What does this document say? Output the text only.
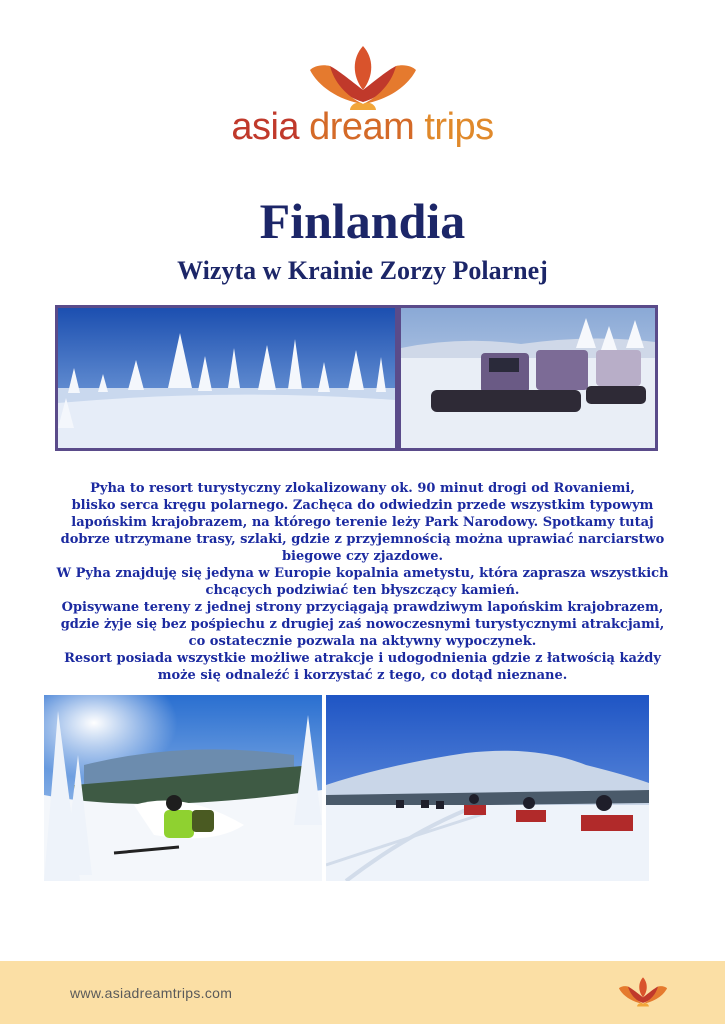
asia dream trips
Finlandia
Wizyta w Krainie Zorzy Polarnej

Pyha to resort turystyczny zlokalizowany ok. 90 minut drogi od Rovaniemi,

blisko serca kręgu polarnego. Zachęca do odwiedzin przede wszystkim typowym

lapońskim krajobrazem, na którego terenie leży Park Narodowy. Spotkamy tutaj

dobrze utrzymane trasy, szlaki, gdzie z przyjemnością można uprawiać narciarstwo

biegowe czy zjazdowe.

W Pyha znajduję się jedyna w Europie kopalnia ametystu, która zaprasza wszystkich

chcących podziwiać ten błyszczący kamień.

Opisywane tereny z jednej strony przyciągają prawdziwym lapońskim krajobrazem,

gdzie żyje się bez pośpiechu z drugiej zaś nowoczesnymi turystycznymi atrakcjami,

co ostatecznie pozwala na aktywny wypoczynek.

Resort posiada wszystkie możliwe atrakcje i udogodnienia gdzie z łatwością każdy

może się odnaleźć i korzystać z tego, co dotąd nieznane.

www.asiadreamtrips.com
